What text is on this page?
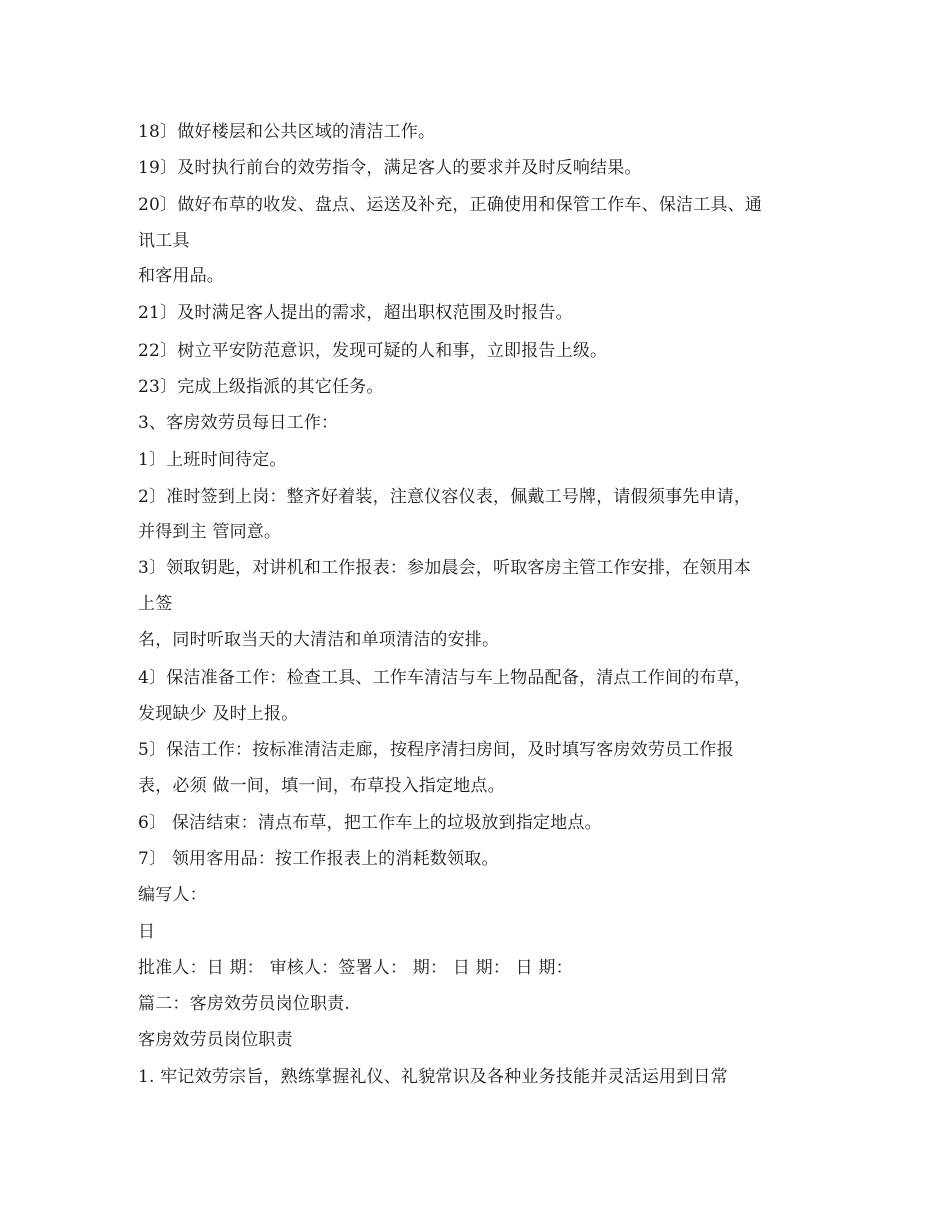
18〕做好楼层和公共区域的清洁工作。
19〕及时执行前台的效劳指令，满足客人的要求并及时反响结果。
20〕做好布草的收发、盘点、运送及补充，正确使用和保管工作车、保洁工具、通
讯工具
和客用品。
21〕及时满足客人提出的需求，超出职权范围及时报告。
22〕树立平安防范意识，发现可疑的人和事，立即报告上级。
23〕完成上级指派的其它任务。
3、客房效劳员每日工作：
1〕上班时间待定。
2〕准时签到上岗：整齐好着装，注意仪容仪表，佩戴工号牌，请假须事先申请，
并得到主 管同意。
3〕领取钥匙，对讲机和工作报表：参加晨会，听取客房主管工作安排，在领用本
上签
名，同时听取当天的大清洁和单项清洁的安排。
4〕保洁准备工作：检查工具、工作车清洁与车上物品配备，清点工作间的布草，
发现缺少 及时上报。
5〕保洁工作：按标准清洁走廊，按程序清扫房间，及时填写客房效劳员工作报
表，必须 做一间，填一间，布草投入指定地点。
6〕 保洁结束：清点布草，把工作车上的垃圾放到指定地点。
7〕 领用客用品：按工作报表上的消耗数领取。
编写人：
日
批准人：日 期： 审核人：签署人： 期： 日 期： 日 期：
篇二：客房效劳员岗位职责.
客房效劳员岗位职责
1. 牢记效劳宗旨，熟练掌握礼仪、礼貌常识及各种业务技能并灵活运用到日常
